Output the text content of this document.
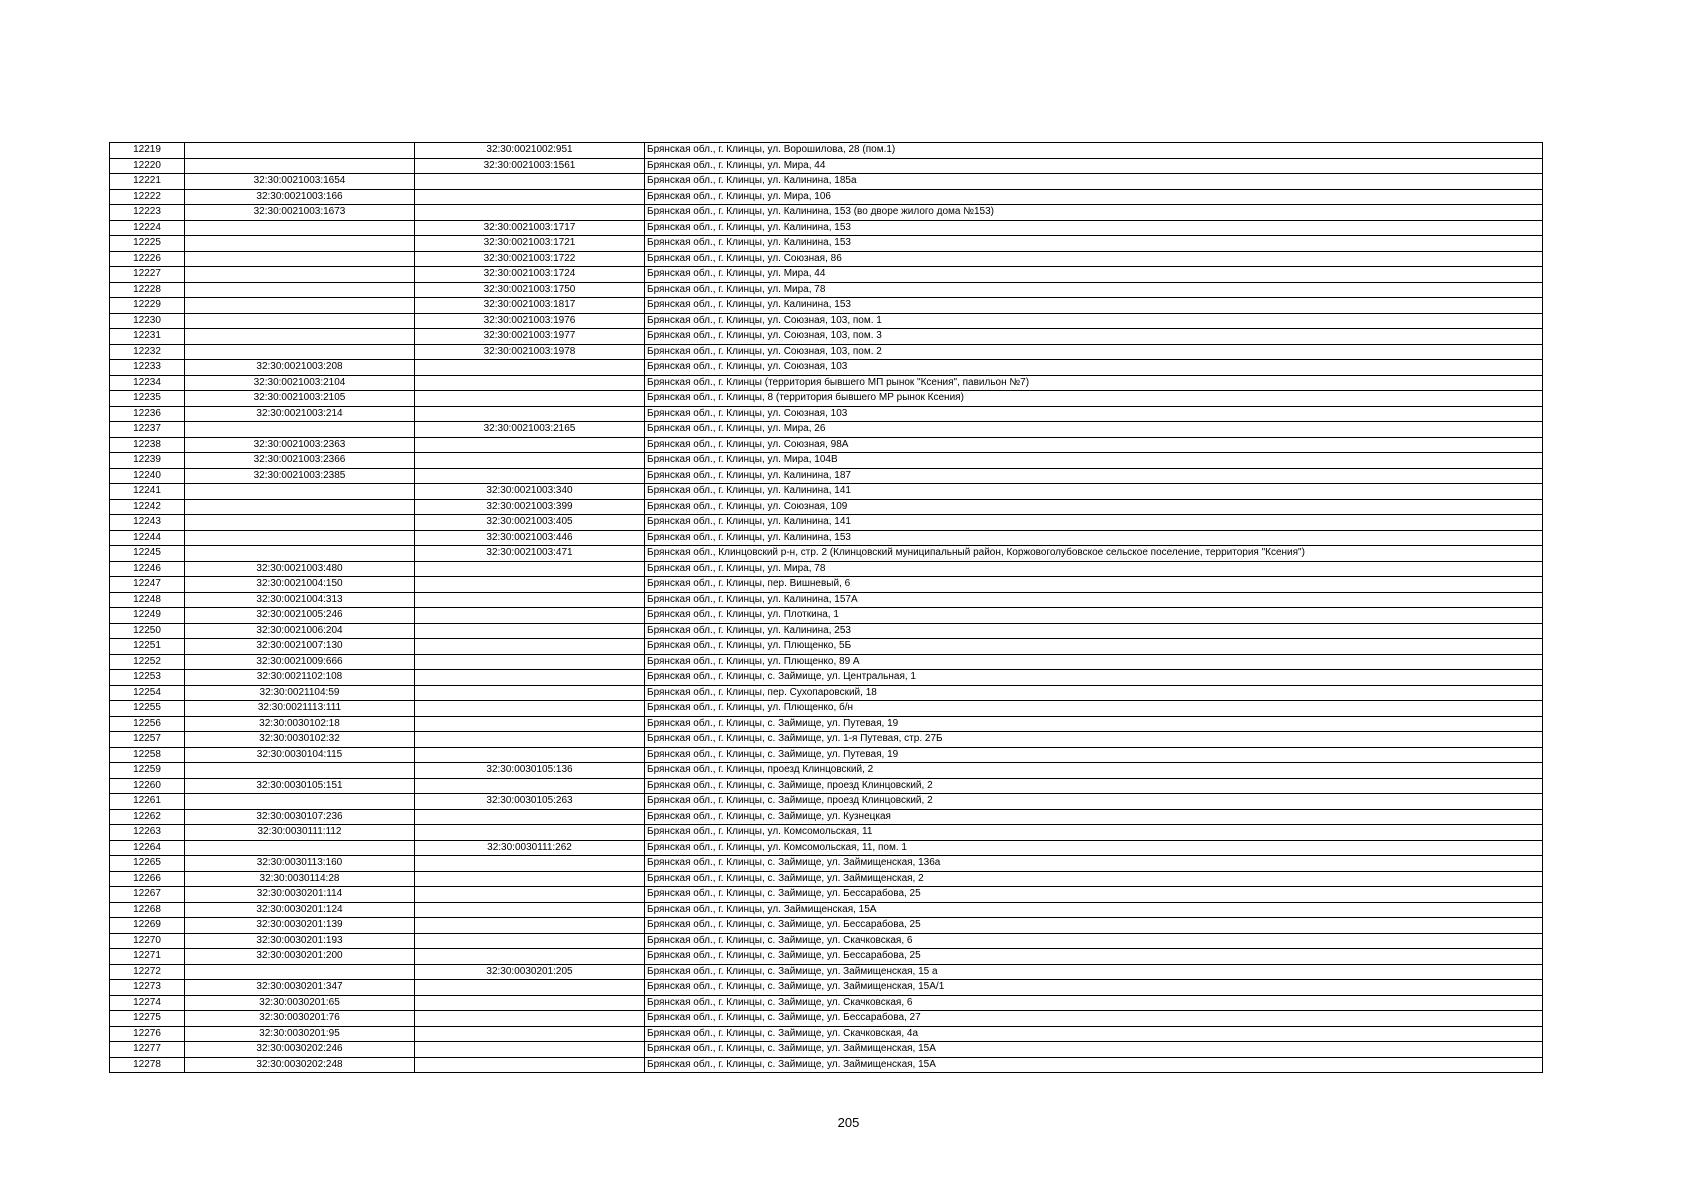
12219		32:30:0021002:951	Брянская обл., г. Клинцы, ул. Ворошилова, 28 (пом.1)
12220		32:30:0021003:1561	Брянская обл., г. Клинцы, ул. Мира, 44
12221	32:30:0021003:1654		Брянская обл., г. Клинцы, ул. Калинина, 185а
12222	32:30:0021003:166		Брянская обл., г. Клинцы, ул. Мира, 106
12223	32:30:0021003:1673		Брянская обл., г. Клинцы, ул. Калинина, 153 (во дворе жилого дома №153)
12224		32:30:0021003:1717	Брянская обл., г. Клинцы, ул. Калинина, 153
12225		32:30:0021003:1721	Брянская обл., г. Клинцы, ул. Калинина, 153
12226		32:30:0021003:1722	Брянская обл., г. Клинцы, ул. Союзная, 86
12227		32:30:0021003:1724	Брянская обл., г. Клинцы, ул. Мира, 44
12228		32:30:0021003:1750	Брянская обл., г. Клинцы, ул. Мира, 78
12229		32:30:0021003:1817	Брянская обл., г. Клинцы, ул. Калинина, 153
12230		32:30:0021003:1976	Брянская обл., г. Клинцы, ул. Союзная, 103, пом. 1
12231		32:30:0021003:1977	Брянская обл., г. Клинцы, ул. Союзная, 103, пом. 3
12232		32:30:0021003:1978	Брянская обл., г. Клинцы, ул. Союзная, 103, пом. 2
12233	32:30:0021003:208		Брянская обл., г. Клинцы, ул. Союзная, 103
12234	32:30:0021003:2104		Брянская обл., г. Клинцы (территория бывшего МП рынок "Ксения", павильон №7)
12235	32:30:0021003:2105		Брянская обл., г. Клинцы, 8 (территория бывшего МР рынок Ксения)
12236	32:30:0021003:214		Брянская обл., г. Клинцы, ул. Союзная, 103
12237		32:30:0021003:2165	Брянская обл., г. Клинцы, ул. Мира, 26
12238	32:30:0021003:2363		Брянская обл., г. Клинцы, ул. Союзная, 98А
12239	32:30:0021003:2366		Брянская обл., г. Клинцы, ул. Мира, 104В
12240	32:30:0021003:2385		Брянская обл., г. Клинцы, ул. Калинина, 187
12241		32:30:0021003:340	Брянская обл., г. Клинцы, ул. Калинина, 141
12242		32:30:0021003:399	Брянская обл., г. Клинцы, ул. Союзная, 109
12243		32:30:0021003:405	Брянская обл., г. Клинцы, ул. Калинина, 141
12244		32:30:0021003:446	Брянская обл., г. Клинцы, ул. Калинина, 153
12245		32:30:0021003:471	Брянская обл., Клинцовский р-н, стр. 2 (Клинцовский муниципальный район, Коржовоголубовское сельское поселение, территория "Ксения")
12246	32:30:0021003:480		Брянская обл., г. Клинцы, ул. Мира, 78
12247	32:30:0021004:150		Брянская обл., г. Клинцы, пер. Вишневый, 6
12248	32:30:0021004:313		Брянская обл., г. Клинцы, ул. Калинина, 157А
12249	32:30:0021005:246		Брянская обл., г. Клинцы, ул. Плоткина, 1
12250	32:30:0021006:204		Брянская обл., г. Клинцы, ул. Калинина, 253
12251	32:30:0021007:130		Брянская обл., г. Клинцы, ул. Плющенко, 5Б
12252	32:30:0021009:666		Брянская обл., г. Клинцы, ул. Плющенко, 89 А
12253	32:30:0021102:108		Брянская обл., г. Клинцы, с. Займище, ул. Центральная, 1
12254	32:30:0021104:59		Брянская обл., г. Клинцы, пер. Сухопаровский, 18
12255	32:30:0021113:111		Брянская обл., г. Клинцы, ул. Плющенко, б/н
12256	32:30:0030102:18		Брянская обл., г. Клинцы, с. Займище, ул. Путевая, 19
12257	32:30:0030102:32		Брянская обл., г. Клинцы, с. Займище, ул. 1-я Путевая, стр. 27Б
12258	32:30:0030104:115		Брянская обл., г. Клинцы, с. Займище, ул. Путевая, 19
12259		32:30:0030105:136	Брянская обл., г. Клинцы, проезд Клинцовский, 2
12260	32:30:0030105:151		Брянская обл., г. Клинцы, с. Займище, проезд Клинцовский, 2
12261		32:30:0030105:263	Брянская обл., г. Клинцы, с. Займище, проезд Клинцовский, 2
12262	32:30:0030107:236		Брянская обл., г. Клинцы, с. Займище, ул. Кузнецкая
12263	32:30:0030111:112		Брянская обл., г. Клинцы, ул. Комсомольская, 11
12264		32:30:0030111:262	Брянская обл., г. Клинцы, ул. Комсомольская, 11, пом. 1
12265	32:30:0030113:160		Брянская обл., г. Клинцы, с. Займище, ул. Займищенская, 136а
12266	32:30:0030114:28		Брянская обл., г. Клинцы, с. Займище, ул. Займищенская, 2
12267	32:30:0030201:114		Брянская обл., г. Клинцы, с. Займище, ул. Бессарабова, 25
12268	32:30:0030201:124		Брянская обл., г. Клинцы, ул. Займищенская, 15А
12269	32:30:0030201:139		Брянская обл., г. Клинцы, с. Займище, ул. Бессарабова, 25
12270	32:30:0030201:193		Брянская обл., г. Клинцы, с. Займище, ул. Скачковская, 6
12271	32:30:0030201:200		Брянская обл., г. Клинцы, с. Займище, ул. Бессарабова, 25
12272		32:30:0030201:205	Брянская обл., г. Клинцы, с. Займище, ул. Займищенская, 15 а
12273	32:30:0030201:347		Брянская обл., г. Клинцы, с. Займище, ул. Займищенская, 15А/1
12274	32:30:0030201:65		Брянская обл., г. Клинцы, с. Займище, ул. Скачковская, 6
12275	32:30:0030201:76		Брянская обл., г. Клинцы, с. Займище, ул. Бессарабова, 27
12276	32:30:0030201:95		Брянская обл., г. Клинцы, с. Займище, ул. Скачковская, 4а
12277	32:30:0030202:246		Брянская обл., г. Клинцы, с. Займище, ул. Займищенская, 15А
12278	32:30:0030202:248		Брянская обл., г. Клинцы, с. Займище, ул. Займищенская, 15А
205
